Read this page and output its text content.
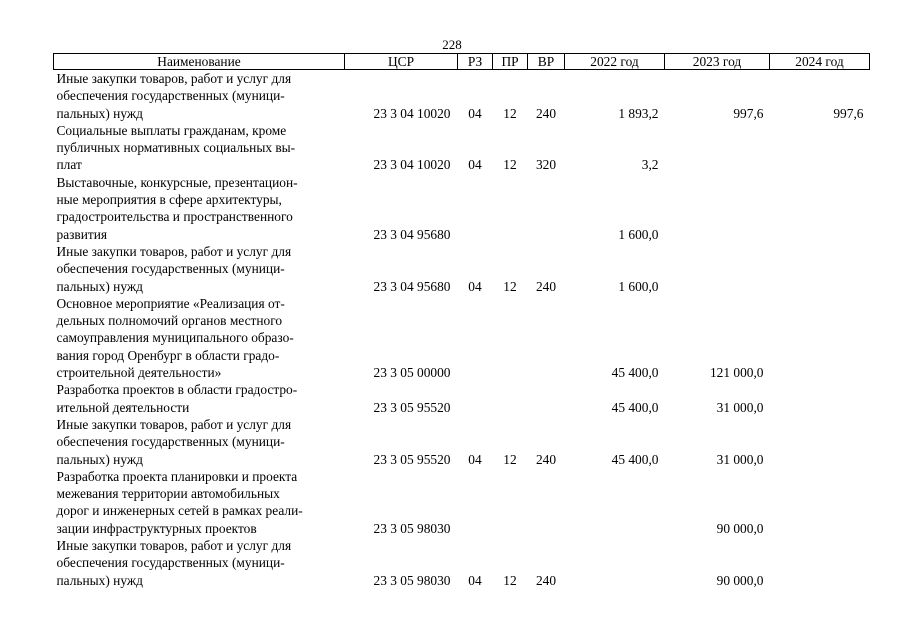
228
Наименование	ЦСР	РЗ	ПР	ВР	2022 год	2023 год	2024 год

Иные закупки товаров, работ и услуг для
обеспечения государственных (муници-
пальных) нужд	23 3 04 10020	04	12	240	1 893,2	997,6	997,6

Социальные выплаты гражданам, кроме
публичных нормативных социальных вы-
плат	23 3 04 10020	04	12	320	3,2		

Выставочные, конкурсные, презентацион-
ные мероприятия в сфере архитектуры,
градостроительства и пространственного
развития	23 3 04 95680				1 600,0		

Иные закупки товаров, работ и услуг для
обеспечения государственных (муници-
пальных) нужд	23 3 04 95680	04	12	240	1 600,0		

Основное мероприятие «Реализация от-
дельных полномочий органов местного
самоуправления муниципального образо-
вания город Оренбург в области градо-
строительной деятельности»	23 3 05 00000				45 400,0	121 000,0	

Разработка проектов в области градостро-
ительной деятельности	23 3 05 95520				45 400,0	31 000,0	

Иные закупки товаров, работ и услуг для
обеспечения государственных (муници-
пальных) нужд	23 3 05 95520	04	12	240	45 400,0	31 000,0	

Разработка проекта планировки и проекта
межевания территории автомобильных
дорог и инженерных сетей в рамках реали-
зации инфраструктурных проектов	23 3 05 98030					90 000,0	

Иные закупки товаров, работ и услуг для
обеспечения государственных (муници-
пальных) нужд	23 3 05 98030	04	12	240		90 000,0	
